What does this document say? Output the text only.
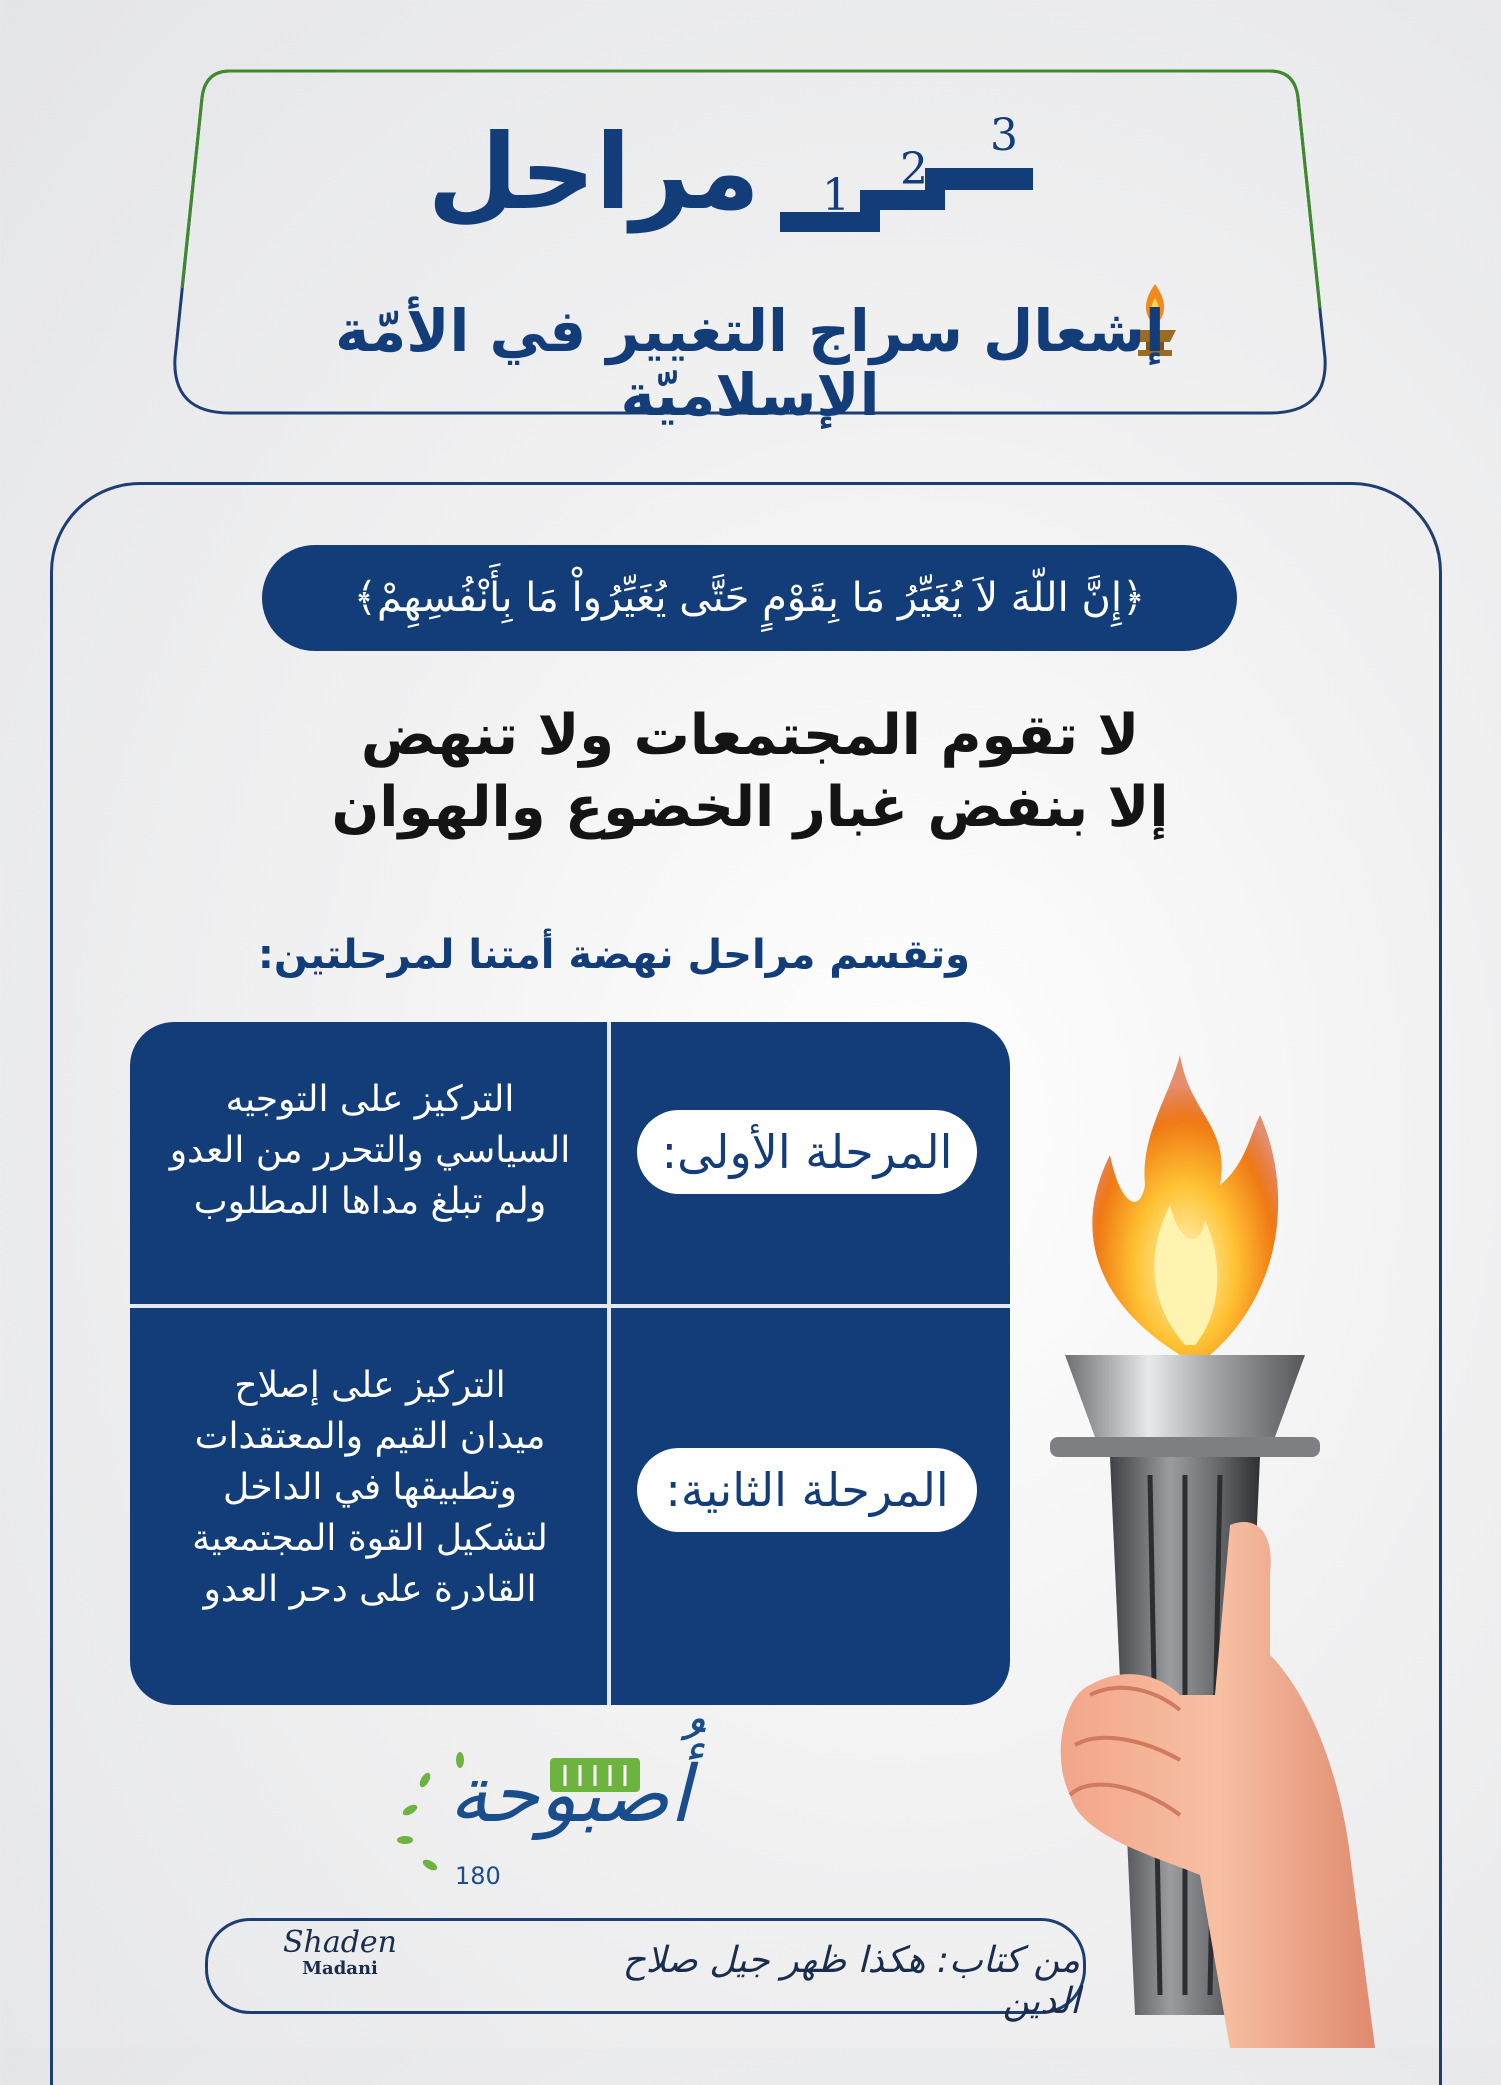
مراحل 1
2
3
إشعال سراج التغيير في الأمّة الإسلاميّة
﴿إِنَّ اللّهَ لاَ يُغَيِّرُ مَا بِقَوْمٍ حَتَّى يُغَيِّرُواْ مَا بِأَنْفُسِهِمْ﴾
لا تقوم المجتمعات ولا تنهض
إلا بنفض غبار الخضوع والهوان
وتقسم مراحل نهضة أمتنا لمرحلتين:
المرحلة الأولى:
التركيز على التوجيه
السياسي والتحرر من العدو
ولم تبلغ مداها المطلوب
المرحلة الثانية:
التركيز على إصلاح
ميدان القيم والمعتقدات
وتطبيقها في الداخل
لتشكيل القوة المجتمعية
القادرة على دحر العدو
أُصبوحة
180
Shaden
Madani	من كتاب: هكذا ظهر جيل صلاح الدين
